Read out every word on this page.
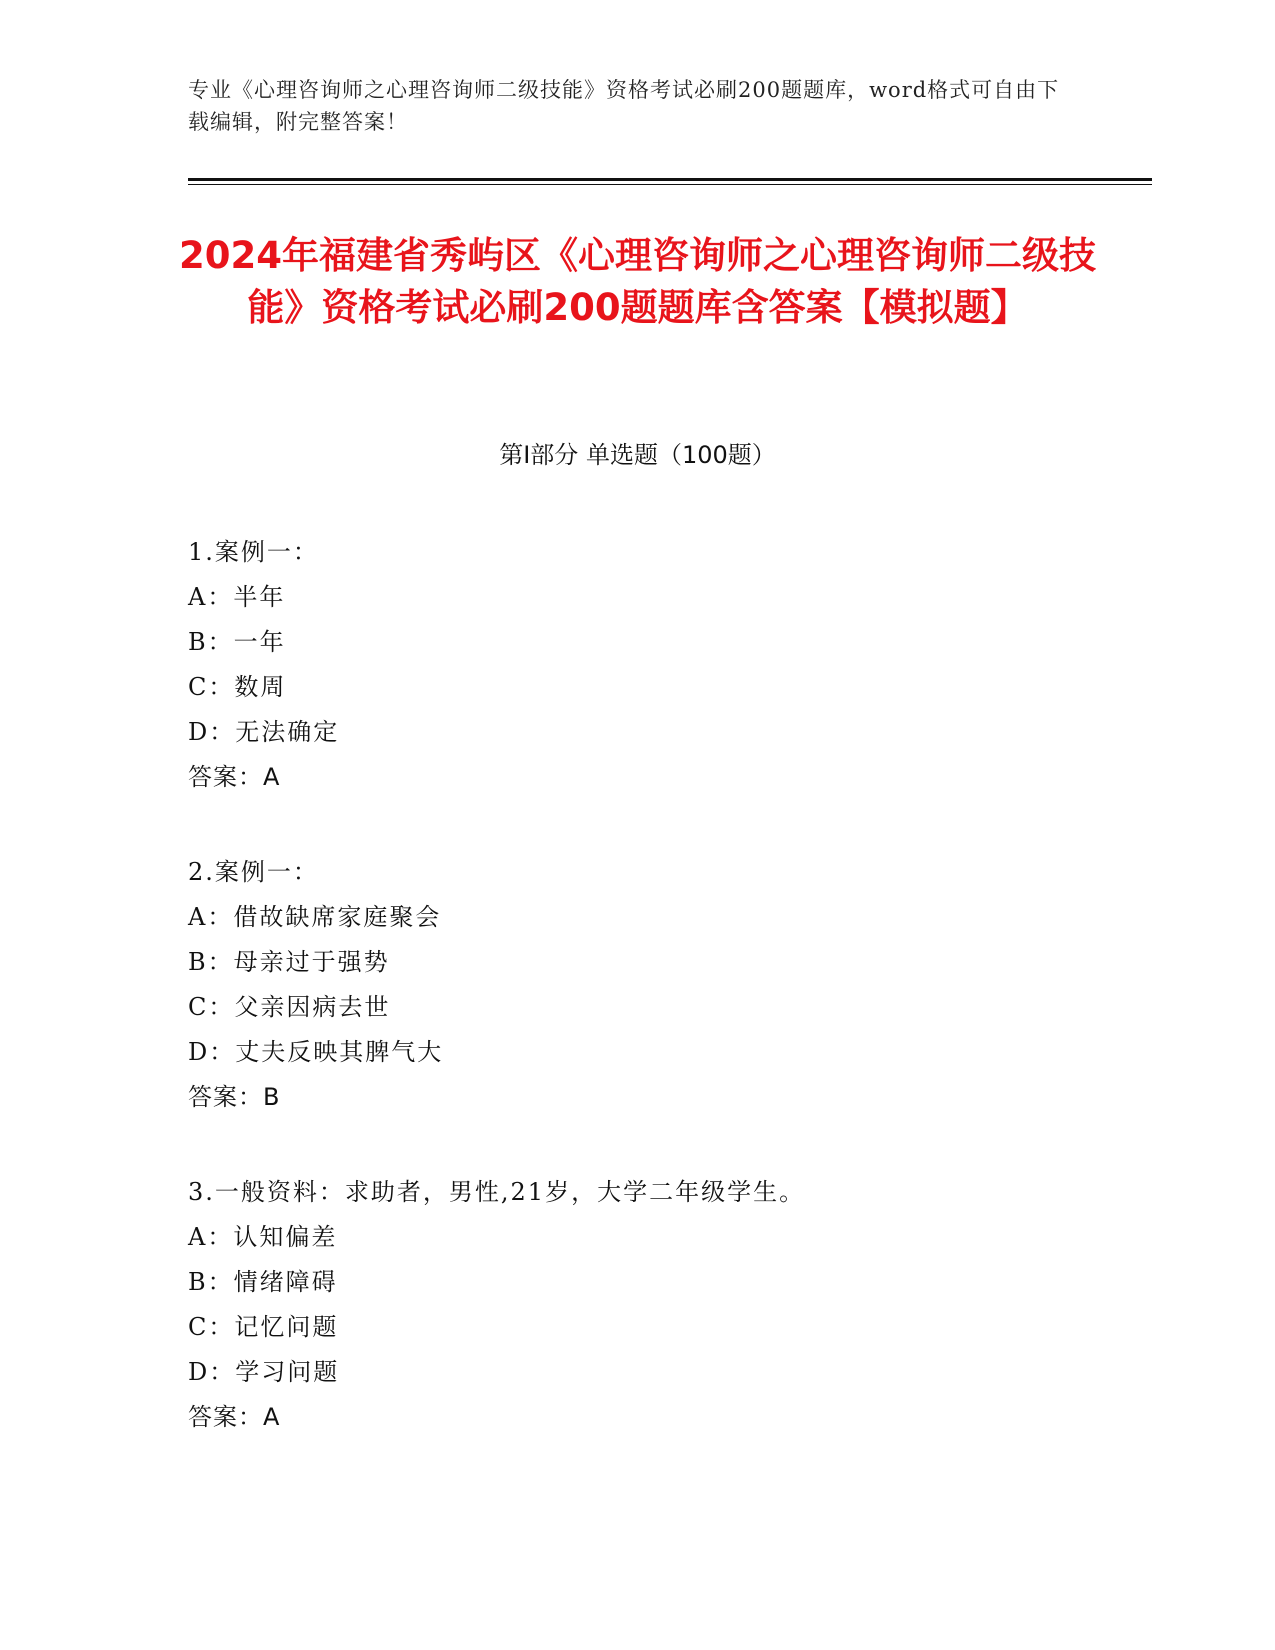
专业《心理咨询师之心理咨询师二级技能》资格考试必刷200题题库，word格式可自由下载编辑，附完整答案！
2024年福建省秀屿区《心理咨询师之心理咨询师二级技能》资格考试必刷200题题库含答案【模拟题】
第I部分 单选题（100题）
1.案例一：
A：半年
B：一年
C：数周
D：无法确定
答案：A
2.案例一：
A：借故缺席家庭聚会
B：母亲过于强势
C：父亲因病去世
D：丈夫反映其脾气大
答案：B
3.一般资料：求助者，男性,21岁，大学二年级学生。
A：认知偏差
B：情绪障碍
C：记忆问题
D：学习问题
答案：A
